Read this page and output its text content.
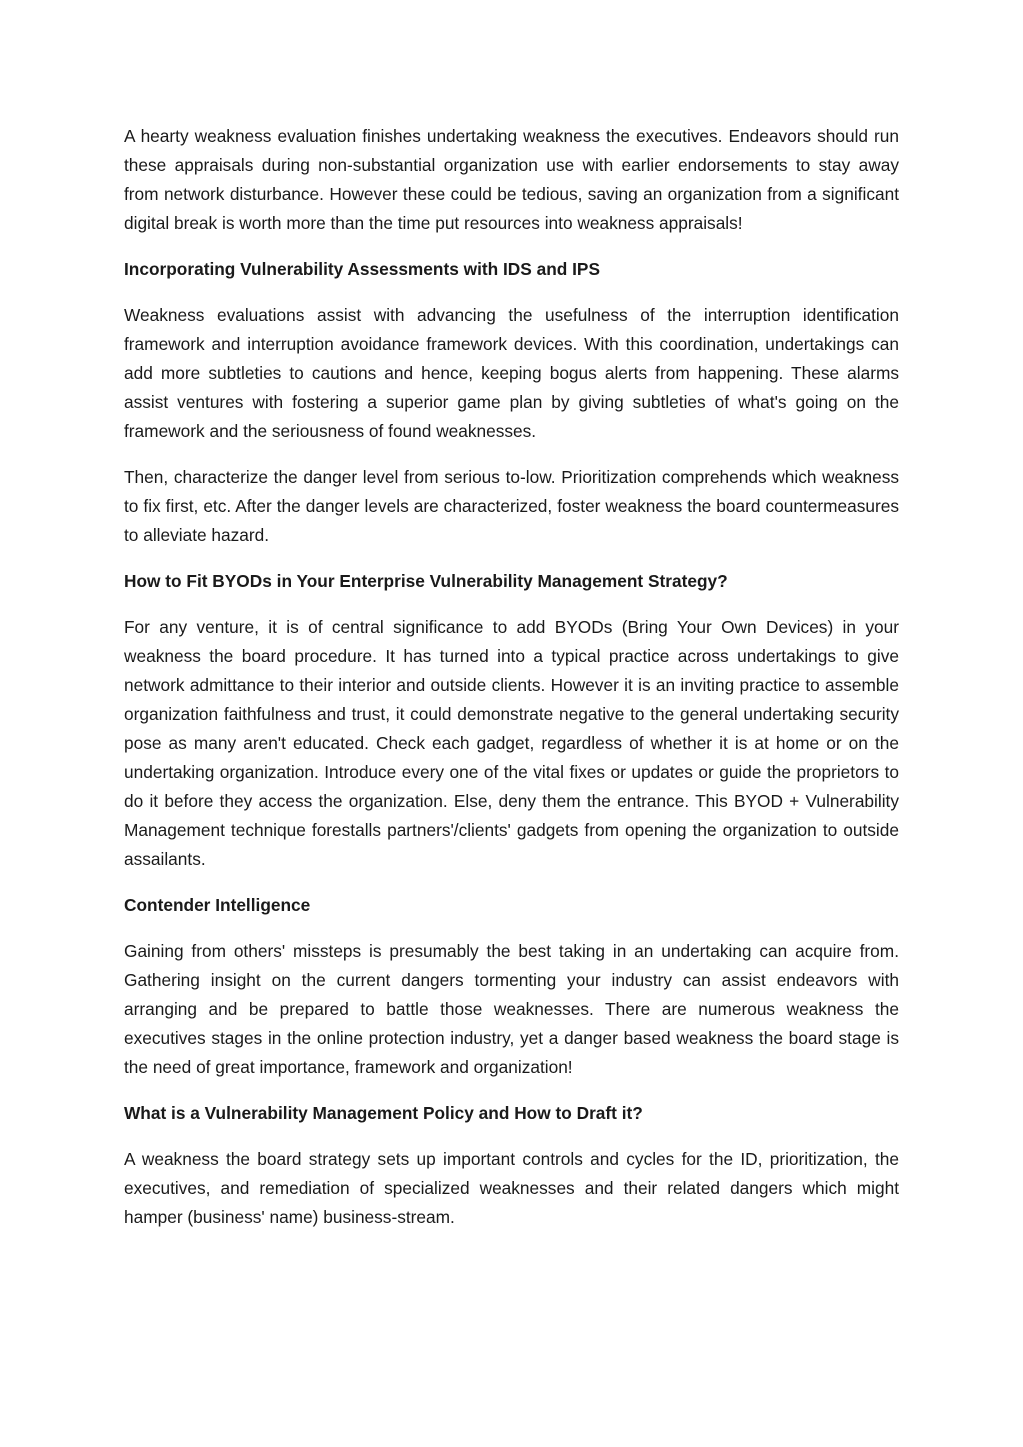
A hearty weakness evaluation finishes undertaking weakness the executives. Endeavors should run these appraisals during non-substantial organization use with earlier endorsements to stay away from network disturbance. However these could be tedious, saving an organization from a significant digital break is worth more than the time put resources into weakness appraisals!

Incorporating Vulnerability Assessments with IDS and IPS

Weakness evaluations assist with advancing the usefulness of the interruption identification framework and interruption avoidance framework devices. With this coordination, undertakings can add more subtleties to cautions and hence, keeping bogus alerts from happening. These alarms assist ventures with fostering a superior game plan by giving subtleties of what's going on the framework and the seriousness of found weaknesses.

Then, characterize the danger level from serious to-low. Prioritization comprehends which weakness to fix first, etc. After the danger levels are characterized, foster weakness the board countermeasures to alleviate hazard.

How to Fit BYODs in Your Enterprise Vulnerability Management Strategy?

For any venture, it is of central significance to add BYODs (Bring Your Own Devices) in your weakness the board procedure. It has turned into a typical practice across undertakings to give network admittance to their interior and outside clients. However it is an inviting practice to assemble organization faithfulness and trust, it could demonstrate negative to the general undertaking security pose as many aren't educated. Check each gadget, regardless of whether it is at home or on the undertaking organization. Introduce every one of the vital fixes or updates or guide the proprietors to do it before they access the organization. Else, deny them the entrance. This BYOD + Vulnerability Management technique forestalls partners'/clients' gadgets from opening the organization to outside assailants.

Contender Intelligence

Gaining from others' missteps is presumably the best taking in an undertaking can acquire from. Gathering insight on the current dangers tormenting your industry can assist endeavors with arranging and be prepared to battle those weaknesses. There are numerous weakness the executives stages in the online protection industry, yet a danger based weakness the board stage is the need of great importance, framework and organization!

What is a Vulnerability Management Policy and How to Draft it?

A weakness the board strategy sets up important controls and cycles for the ID, prioritization, the executives, and remediation of specialized weaknesses and their related dangers which might hamper (business' name) business-stream.
